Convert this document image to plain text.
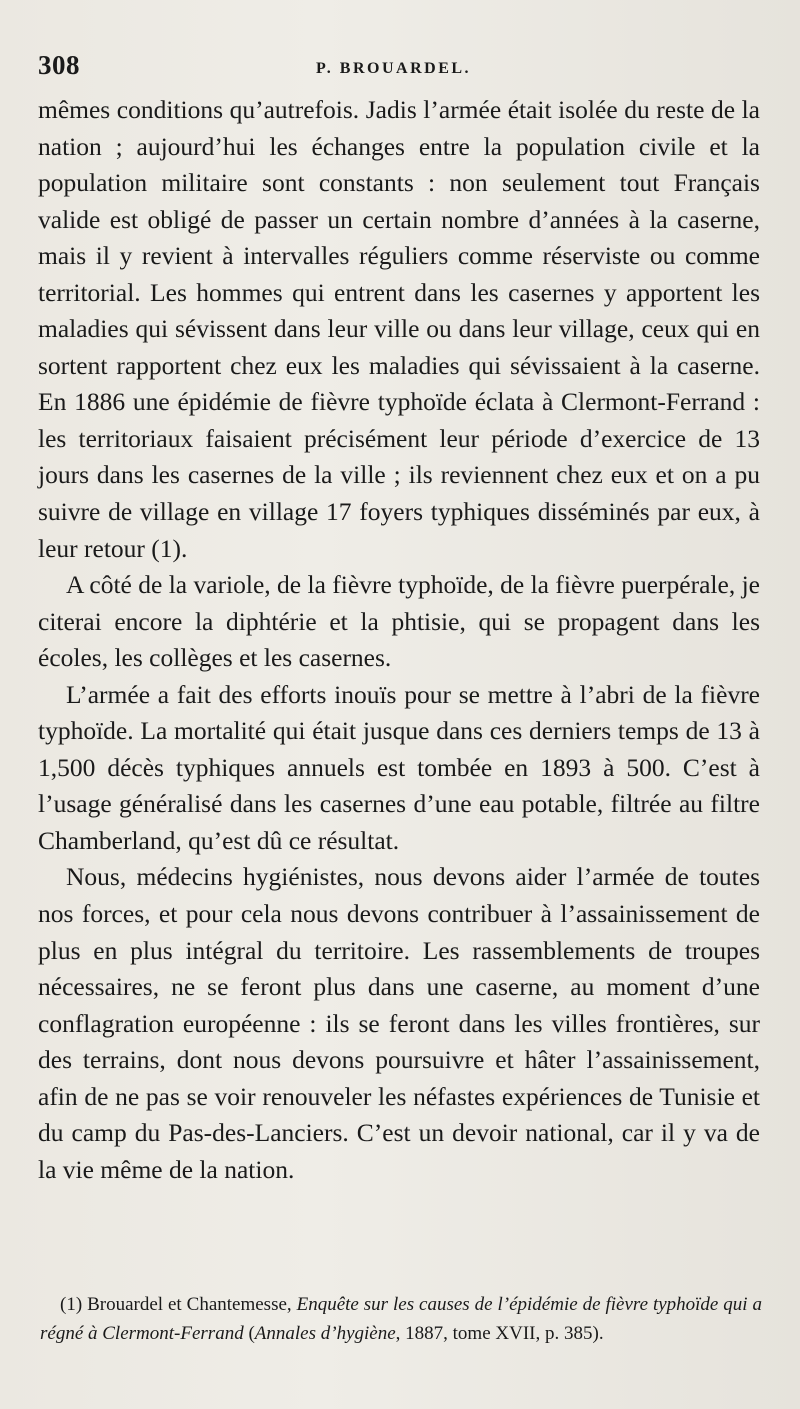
308	P. BROUARDEL.

mêmes conditions qu’autrefois. Jadis l’armée était isolée du reste de la nation ; aujourd’hui les échanges entre la population civile et la population militaire sont constants : non seulement tout Français valide est obligé de passer un certain nombre d’années à la caserne, mais il y revient à intervalles réguliers comme réserviste ou comme territorial. Les hommes qui entrent dans les casernes y apportent les maladies qui sévissent dans leur ville ou dans leur village, ceux qui en sortent rapportent chez eux les maladies qui sévissaient à la caserne. En 1886 une épidémie de fièvre typhoïde éclata à Clermont-Ferrand : les territoriaux faisaient précisément leur période d’exercice de 13 jours dans les casernes de la ville ; ils reviennent chez eux et on a pu suivre de village en village 17 foyers typhiques disséminés par eux, à leur retour (1).

A côté de la variole, de la fièvre typhoïde, de la fièvre puerpérale, je citerai encore la diphtérie et la phtisie, qui se propagent dans les écoles, les collèges et les casernes.

L’armée a fait des efforts inouïs pour se mettre à l’abri de la fièvre typhoïde. La mortalité qui était jusque dans ces derniers temps de 13 à 1,500 décès typhiques annuels est tombée en 1893 à 500. C’est à l’usage généralisé dans les casernes d’une eau potable, filtrée au filtre Chamberland, qu’est dû ce résultat.

Nous, médecins hygiénistes, nous devons aider l’armée de toutes nos forces, et pour cela nous devons contribuer à l’assainissement de plus en plus intégral du territoire. Les rassemblements de troupes nécessaires, ne se feront plus dans une caserne, au moment d’une conflagration européenne : ils se feront dans les villes frontières, sur des terrains, dont nous devons poursuivre et hâter l’assainissement, afin de ne pas se voir renouveler les néfastes expériences de Tunisie et du camp du Pas-des-Lanciers. C’est un devoir national, car il y va de la vie même de la nation.

(1) Brouardel et Chantemesse, Enquête sur les causes de l’épidémie de fièvre typhoïde qui a régné à Clermont-Ferrand (Annales d’hygiène, 1887, tome XVII, p. 385).
